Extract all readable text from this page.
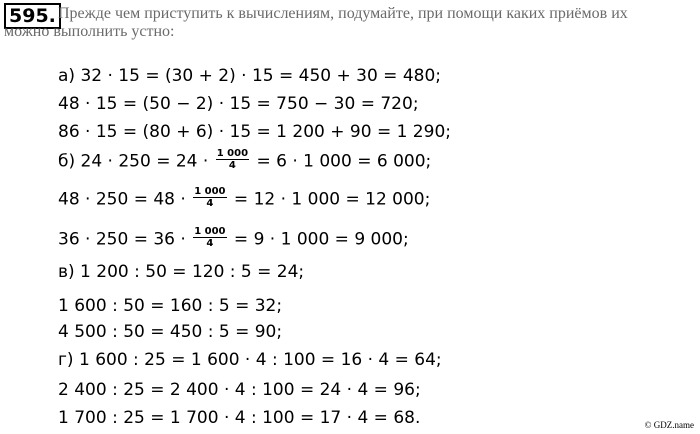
595. Прежде чем приступить к вычислениям, подумайте, при помощи каких приёмов их
можно выполнить устно:
а) 32 · 15 = (30 + 2) · 15 = 450 + 30 = 480;
48 · 15 = (50 − 2) · 15 = 750 − 30 = 720;
86 · 15 = (80 + 6) · 15 = 1 200 + 90 = 1 290;
б) $24 \cdot 250 = 24 \cdot \frac{1 000}{4} = 6 \cdot 1$ 000 = 6 000;
$48 \cdot 250 = 48 \cdot \frac{1 000}{4} = 12 \cdot 1$ 000 = 12 000;
$36 \cdot 250 = 36 \cdot \frac{1 000}{4} = 9 \cdot 1$ 000 = 9 000;
в) 1 200 : 50 = 120 : 5 = 24;
1 600 : 50 = 160 : 5 = 32;
4 500 : 50 = 450 : 5 = 90;
г) 1 600 : 25 = 1 600 · 4 : 100 = 16 · 4 = 64;
2 400 : 25 = 2 400 · 4 : 100 = 24 · 4 = 96;
1 700 : 25 = 1 700 · 4 : 100 = 17 · 4 = 68.	© GDZ.name
